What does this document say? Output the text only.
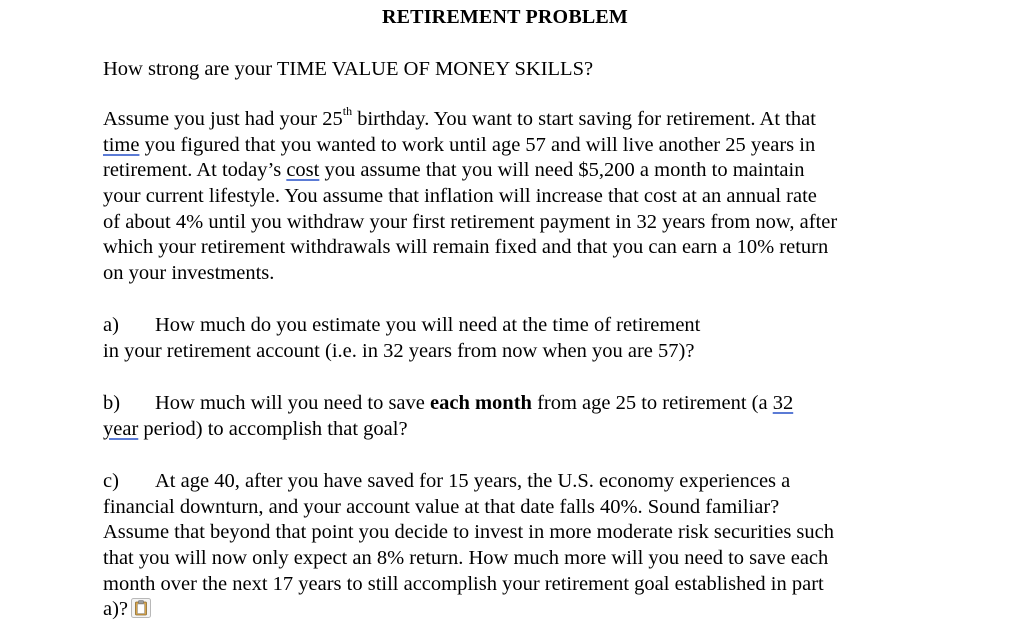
RETIREMENT PROBLEM
How strong are your TIME VALUE OF MONEY SKILLS?
Assume you just had your 25th birthday. You want to start saving for retirement. At that
time you figured that you wanted to work until age 57 and will live another 25 years in
retirement. At today’s cost you assume that you will need $5,200 a month to maintain
your current lifestyle. You assume that inflation will increase that cost at an annual rate
of about 4% until you withdraw your first retirement payment in 32 years from now, after
which your retirement withdrawals will remain fixed and that you can earn a 10% return
on your investments.
a) How much do you estimate you will need at the time of retirement
in your retirement account (i.e. in 32 years from now when you are 57)?
b) How much will you need to save each month from age 25 to retirement (a 32
year period) to accomplish that goal?
c) At age 40, after you have saved for 15 years, the U.S. economy experiences a
financial downturn, and your account value at that date falls 40%. Sound familiar?
Assume that beyond that point you decide to invest in more moderate risk securities such
that you will now only expect an 8% return. How much more will you need to save each
month over the next 17 years to still accomplish your retirement goal established in part
a)?
